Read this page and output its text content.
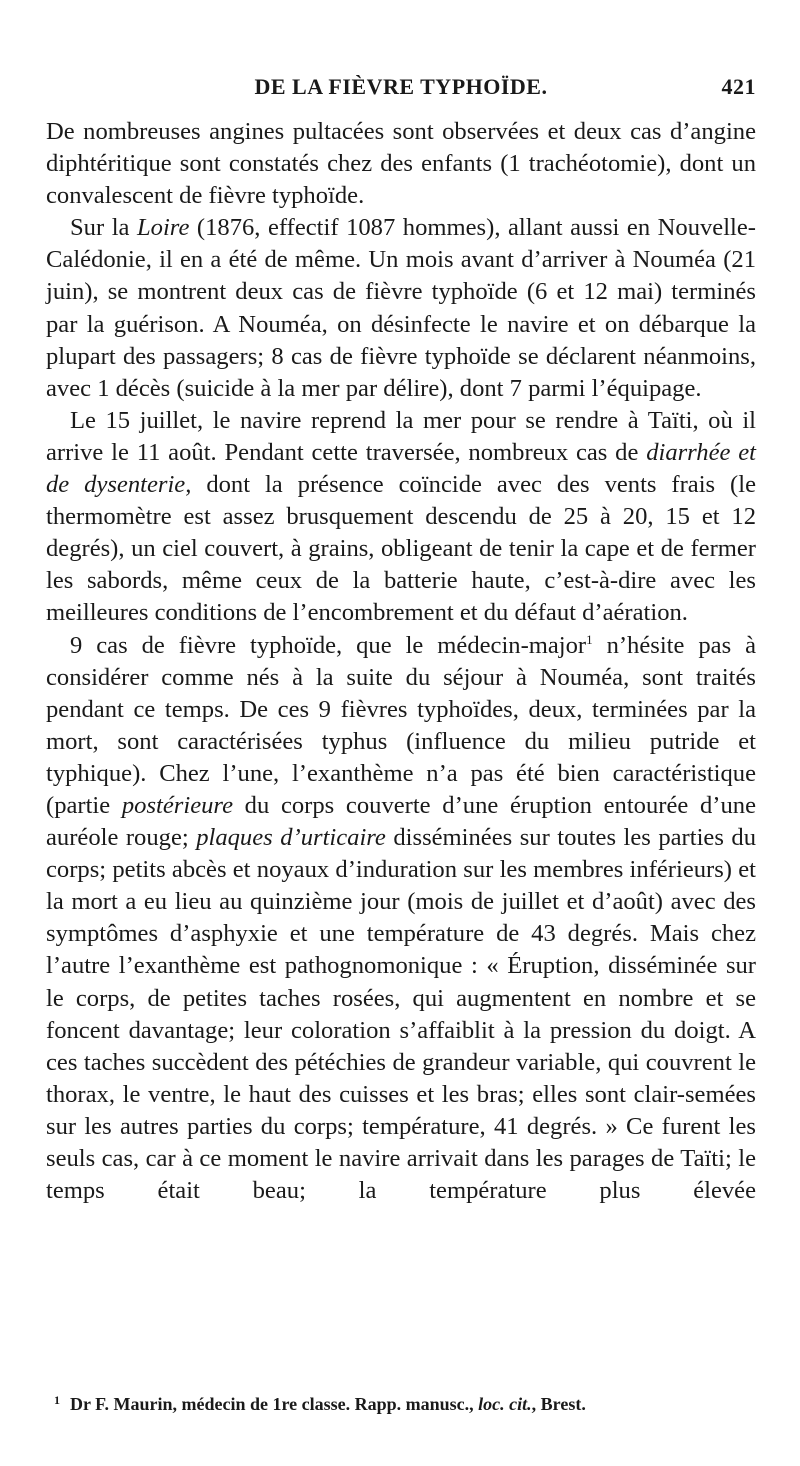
DE LA FIÈVRE TYPHOÏDE.	421

De nombreuses angines pultacées sont observées et deux cas d’angine diphtéritique sont constatés chez des enfants (1 trachéotomie), dont un convalescent de fièvre typhoïde.

Sur la Loire (1876, effectif 1087 hommes), allant aussi en Nouvelle-Calédonie, il en a été de même. Un mois avant d’arriver à Nouméa (21 juin), se montrent deux cas de fièvre typhoïde (6 et 12 mai) terminés par la guérison. A Nouméa, on désinfecte le navire et on débarque la plupart des passagers; 8 cas de fièvre typhoïde se déclarent néanmoins, avec 1 décès (suicide à la mer par délire), dont 7 parmi l’équipage.

Le 15 juillet, le navire reprend la mer pour se rendre à Taïti, où il arrive le 11 août. Pendant cette traversée, nombreux cas de diarrhée et de dysenterie, dont la présence coïncide avec des vents frais (le thermomètre est assez brusquement descendu de 25 à 20, 15 et 12 degrés), un ciel couvert, à grains, obligeant de tenir la cape et de fermer les sabords, même ceux de la batterie haute, c’est-à-dire avec les meilleures conditions de l’encombrement et du défaut d’aération.

9 cas de fièvre typhoïde, que le médecin-major$^1$ n’hésite pas à considérer comme nés à la suite du séjour à Nouméa, sont traités pendant ce temps. De ces 9 fièvres typhoïdes, deux, terminées par la mort, sont caractérisées typhus (influence du milieu putride et typhique). Chez l’une, l’exanthème n’a pas été bien caractéristique (partie postérieure du corps couverte d’une éruption entourée d’une auréole rouge; plaques d’urticaire disséminées sur toutes les parties du corps; petits abcès et noyaux d’induration sur les membres inférieurs) et la mort a eu lieu au quinzième jour (mois de juillet et d’août) avec des symptômes d’asphyxie et une température de 43 degrés. Mais chez l’autre l’exanthème est pathognomonique : « Éruption, disséminée sur le corps, de petites taches rosées, qui augmentent en nombre et se foncent davantage; leur coloration s’affaiblit à la pression du doigt. A ces taches succèdent des pétéchies de grandeur variable, qui couvrent le thorax, le ventre, le haut des cuisses et les bras; elles sont clair-semées sur les autres parties du corps; température, 41 degrés. » Ce furent les seuls cas, car à ce moment le navire arrivait dans les parages de Taïti; le temps était beau; la température plus élevée

$^1$ Dr F. Maurin, médecin de 1re classe. Rapp. manusc., loc. cit., Brest.
